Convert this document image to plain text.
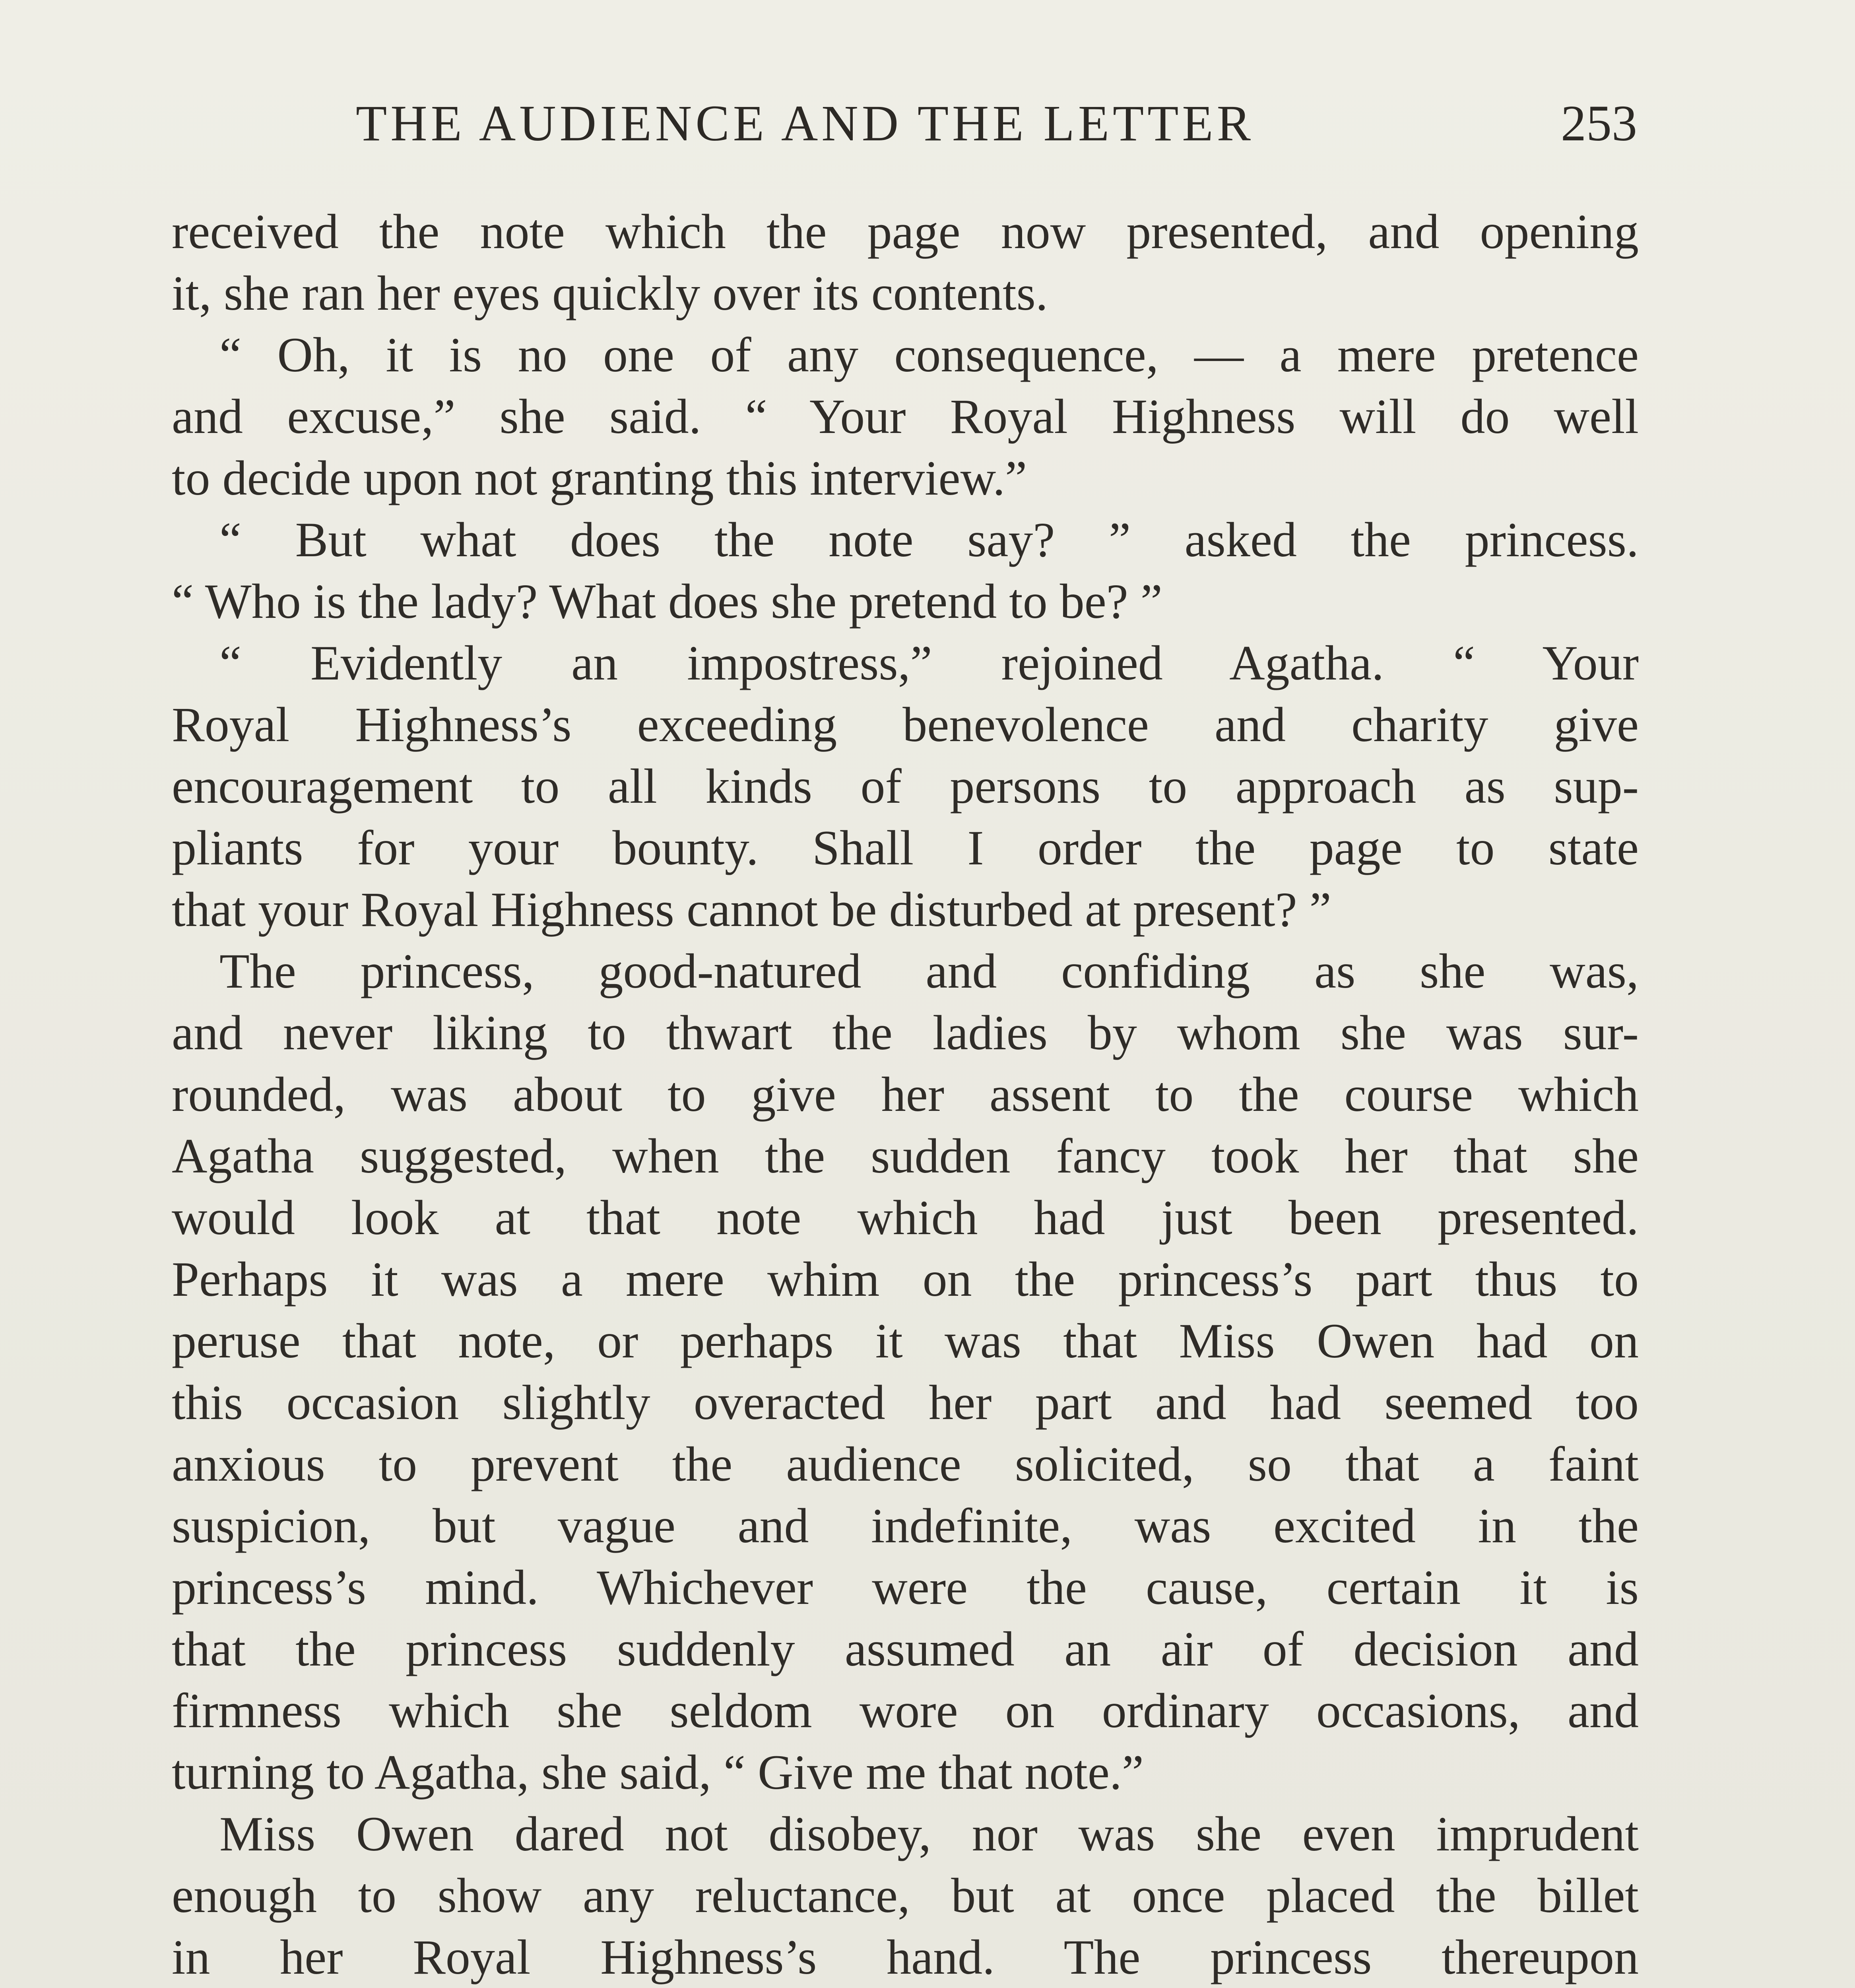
THE AUDIENCE AND THE LETTER	253
received the note which the page now presented, and opening
it, she ran her eyes quickly over its contents.
“ Oh, it is no one of any consequence, — a mere pretence
and excuse,” she said. “ Your Royal Highness will do well
to decide upon not granting this interview.”
“ But what does the note say? ” asked the princess.
“ Who is the lady? What does she pretend to be? ”
“ Evidently an impostress,” rejoined Agatha. “ Your
Royal Highness’s exceeding benevolence and charity give
encouragement to all kinds of persons to approach as sup-
pliants for your bounty. Shall I order the page to state
that your Royal Highness cannot be disturbed at present? ”
The princess, good-natured and confiding as she was,
and never liking to thwart the ladies by whom she was sur-
rounded, was about to give her assent to the course which
Agatha suggested, when the sudden fancy took her that she
would look at that note which had just been presented.
Perhaps it was a mere whim on the princess’s part thus to
peruse that note, or perhaps it was that Miss Owen had on
this occasion slightly overacted her part and had seemed too
anxious to prevent the audience solicited, so that a faint
suspicion, but vague and indefinite, was excited in the
princess’s mind. Whichever were the cause, certain it is
that the princess suddenly assumed an air of decision and
firmness which she seldom wore on ordinary occasions, and
turning to Agatha, she said, “ Give me that note.”
Miss Owen dared not disobey, nor was she even imprudent
enough to show any reluctance, but at once placed the billet
in her Royal Highness’s hand. The princess thereupon
